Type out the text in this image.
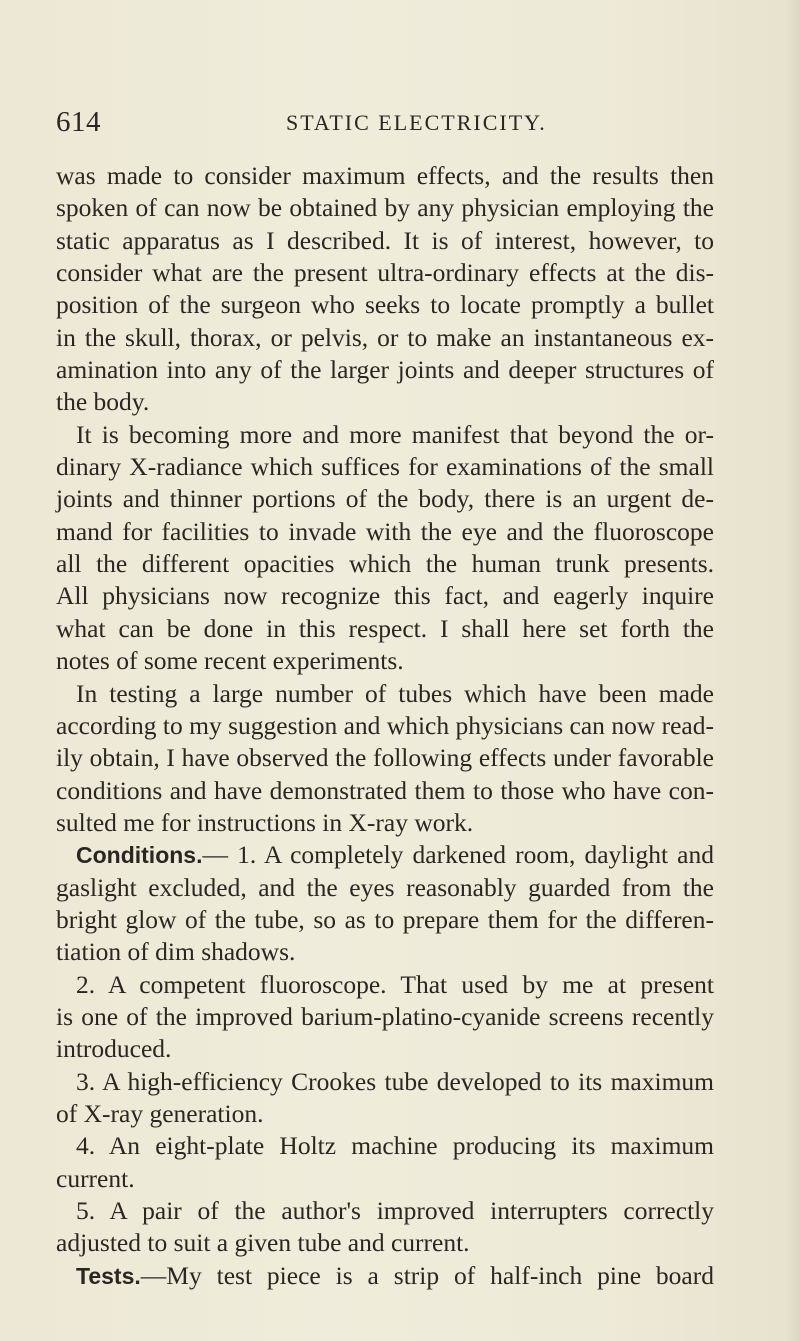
614	STATIC ELECTRICITY.
was made to consider maximum effects, and the results then
spoken of can now be obtained by any physician employing the
static apparatus as I described. It is of interest, however, to
consider what are the present ultra-ordinary effects at the dis-
position of the surgeon who seeks to locate promptly a bullet
in the skull, thorax, or pelvis, or to make an instantaneous ex-
amination into any of the larger joints and deeper structures of
the body.
It is becoming more and more manifest that beyond the or-
dinary X-radiance which suffices for examinations of the small
joints and thinner portions of the body, there is an urgent de-
mand for facilities to invade with the eye and the fluoroscope
all the different opacities which the human trunk presents.
All physicians now recognize this fact, and eagerly inquire
what can be done in this respect. I shall here set forth the
notes of some recent experiments.
In testing a large number of tubes which have been made
according to my suggestion and which physicians can now read-
ily obtain, I have observed the following effects under favorable
conditions and have demonstrated them to those who have con-
sulted me for instructions in X-ray work.
Conditions.— 1. A completely darkened room, daylight and
gaslight excluded, and the eyes reasonably guarded from the
bright glow of the tube, so as to prepare them for the differen-
tiation of dim shadows.
2. A competent fluoroscope. That used by me at present
is one of the improved barium-platino-cyanide screens recently
introduced.
3. A high-efficiency Crookes tube developed to its maximum
of X-ray generation.
4. An eight-plate Holtz machine producing its maximum
current.
5. A pair of the author's improved interrupters correctly
adjusted to suit a given tube and current.
Tests.—My test piece is a strip of half-inch pine board
